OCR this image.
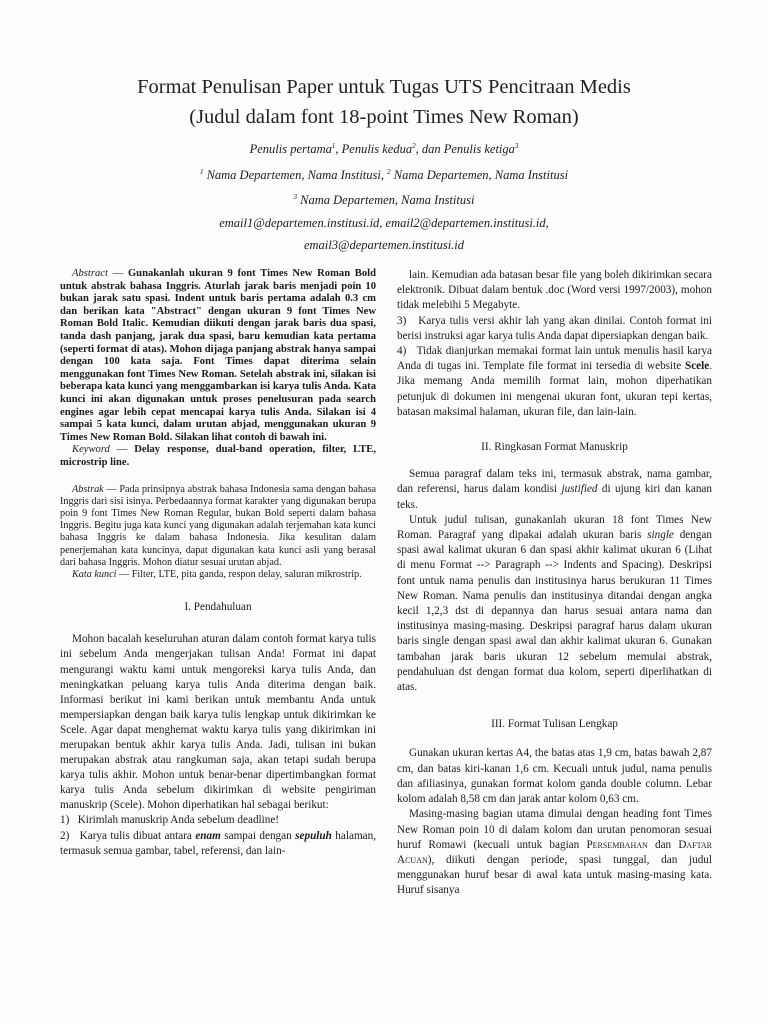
Format Penulisan Paper untuk Tugas UTS Pencitraan Medis
(Judul dalam font 18-point Times New Roman)
Penulis pertama$^1$, Penulis kedua$^2$, dan Penulis ketiga$^3$
$^1$ Nama Departemen, Nama Institusi, $^2$ Nama Departemen, Nama Institusi
$^3$ Nama Departemen, Nama Institusi
email1@departemen.institusi.id, email2@departemen.institusi.id,
email3@departemen.institusi.id

Abstract — Gunakanlah ukuran 9 font Times New Roman Bold untuk abstrak bahasa Inggris. Aturlah jarak baris menjadi poin 10 bukan jarak satu spasi. Indent untuk baris pertama adalah 0.3 cm dan berikan kata "Abstract" dengan ukuran 9 font Times New Roman Bold Italic. Kemudian diikuti dengan jarak baris dua spasi, tanda dash panjang, jarak dua spasi, baru kemudian kata pertama (seperti format di atas). Mohon dijaga panjang abstrak hanya sampai dengan 100 kata saja. Font Times dapat diterima selain menggunakan font Times New Roman. Setelah abstrak ini, silakan isi beberapa kata kunci yang menggambarkan isi karya tulis Anda. Kata kunci ini akan digunakan untuk proses penelusuran pada search engines agar lebih cepat mencapai karya tulis Anda. Silakan isi 4 sampai 5 kata kunci, dalam urutan abjad, menggunakan ukuran 9 Times New Roman Bold. Silakan lihat contoh di bawah ini.

Keyword — Delay response, dual-band operation, filter, LTE, microstrip line.

Abstrak — Pada prinsipnya abstrak bahasa Indonesia sama dengan bahasa Inggris dari sisi isinya. Perbedaannya format karakter yang digunakan berupa poin 9 font Times New Roman Regular, bukan Bold seperti dalam bahasa Inggris. Begitu juga kata kunci yang digunakan adalah terjemahan kata kunci bahasa Inggris ke dalam bahasa Indonesia. Jika kesulitan dalam penerjemahan kata kuncinya, dapat digunakan kata kunci asli yang berasal dari bahasa Inggris. Mohon diatur sesuai urutan abjad.

Kata kunci — Filter, LTE, pita ganda, respon delay, saluran mikrostrip.

I. Pendahuluan

Mohon bacalah keseluruhan aturan dalam contoh format karya tulis ini sebelum Anda mengerjakan tulisan Anda! Format ini dapat mengurangi waktu kami untuk mengoreksi karya tulis Anda, dan meningkatkan peluang karya tulis Anda diterima dengan baik. Informasi berikut ini kami berikan untuk membantu Anda untuk mempersiapkan dengan baik karya tulis lengkap untuk dikirimkan ke Scele. Agar dapat menghemat waktu karya tulis yang dikirimkan ini merupakan bentuk akhir karya tulis Anda. Jadi, tulisan ini bukan merupakan abstrak atau rangkuman saja, akan tetapi sudah berupa karya tulis akhir. Mohon untuk benar-benar dipertimbangkan format karya tulis Anda sebelum dikirimkan di website pengiriman manuskrip (Scele). Mohon diperhatikan hal sebagai berikut:

1)   Kirimlah manuskrip Anda sebelum deadline!

2)   Karya tulis dibuat antara enam sampai dengan sepuluh halaman, termasuk semua gambar, tabel, referensi, dan lain-

lain. Kemudian ada batasan besar file yang boleh dikirimkan secara elektronik. Dibuat dalam bentuk .doc (Word versi 1997/2003), mohon tidak melebihi 5 Megabyte.

3)   Karya tulis versi akhir lah yang akan dinilai. Contoh format ini berisi instruksi agar karya tulis Anda dapat dipersiapkan dengan baik.

4)   Tidak dianjurkan memakai format lain untuk menulis hasil karya Anda di tugas ini. Template file format ini tersedia di website Scele. Jika memang Anda memilih format lain, mohon diperhatikan petunjuk di dokumen ini mengenai ukuran font, ukuran tepi kertas, batasan maksimal halaman, ukuran file, dan lain-lain.

II. Ringkasan Format Manuskrip

Semua paragraf dalam teks ini, termasuk abstrak, nama gambar, dan referensi, harus dalam kondisi justified di ujung kiri dan kanan teks.

Untuk judul tulisan, gunakanlah ukuran 18 font Times New Roman. Paragraf yang dipakai adalah ukuran baris single dengan spasi awal kalimat ukuran 6 dan spasi akhir kalimat ukuran 6 (Lihat di menu Format --> Paragraph --> Indents and Spacing). Deskripsi font untuk nama penulis dan institusinya harus berukuran 11 Times New Roman. Nama penulis dan institusinya ditandai dengan angka kecil 1,2,3 dst di depannya dan harus sesuai antara nama dan institusinya masing-masing. Deskripsi paragraf harus dalam ukuran baris single dengan spasi awal dan akhir kalimat ukuran 6. Gunakan tambahan jarak baris ukuran 12 sebelum memulai abstrak, pendahuluan dst dengan format dua kolom, seperti diperlihatkan di atas.

III. Format Tulisan Lengkap

Gunakan ukuran kertas A4, the batas atas 1,9 cm, batas bawah 2,87 cm, dan batas kiri-kanan 1,6 cm. Kecuali untuk judul, nama penulis dan afiliasinya, gunakan format kolom ganda double column. Lebar kolom adalah 8,58 cm dan jarak antar kolom 0,63 cm.

Masing-masing bagian utama dimulai dengan heading font Times New Roman poin 10 di dalam kolom dan urutan penomoran sesuai huruf Romawi (kecuali untuk bagian Persembahan dan Daftar Acuan), diikuti dengan periode, spasi tunggal, dan judul menggunakan huruf besar di awal kata untuk masing-masing kata. Huruf sisanya
